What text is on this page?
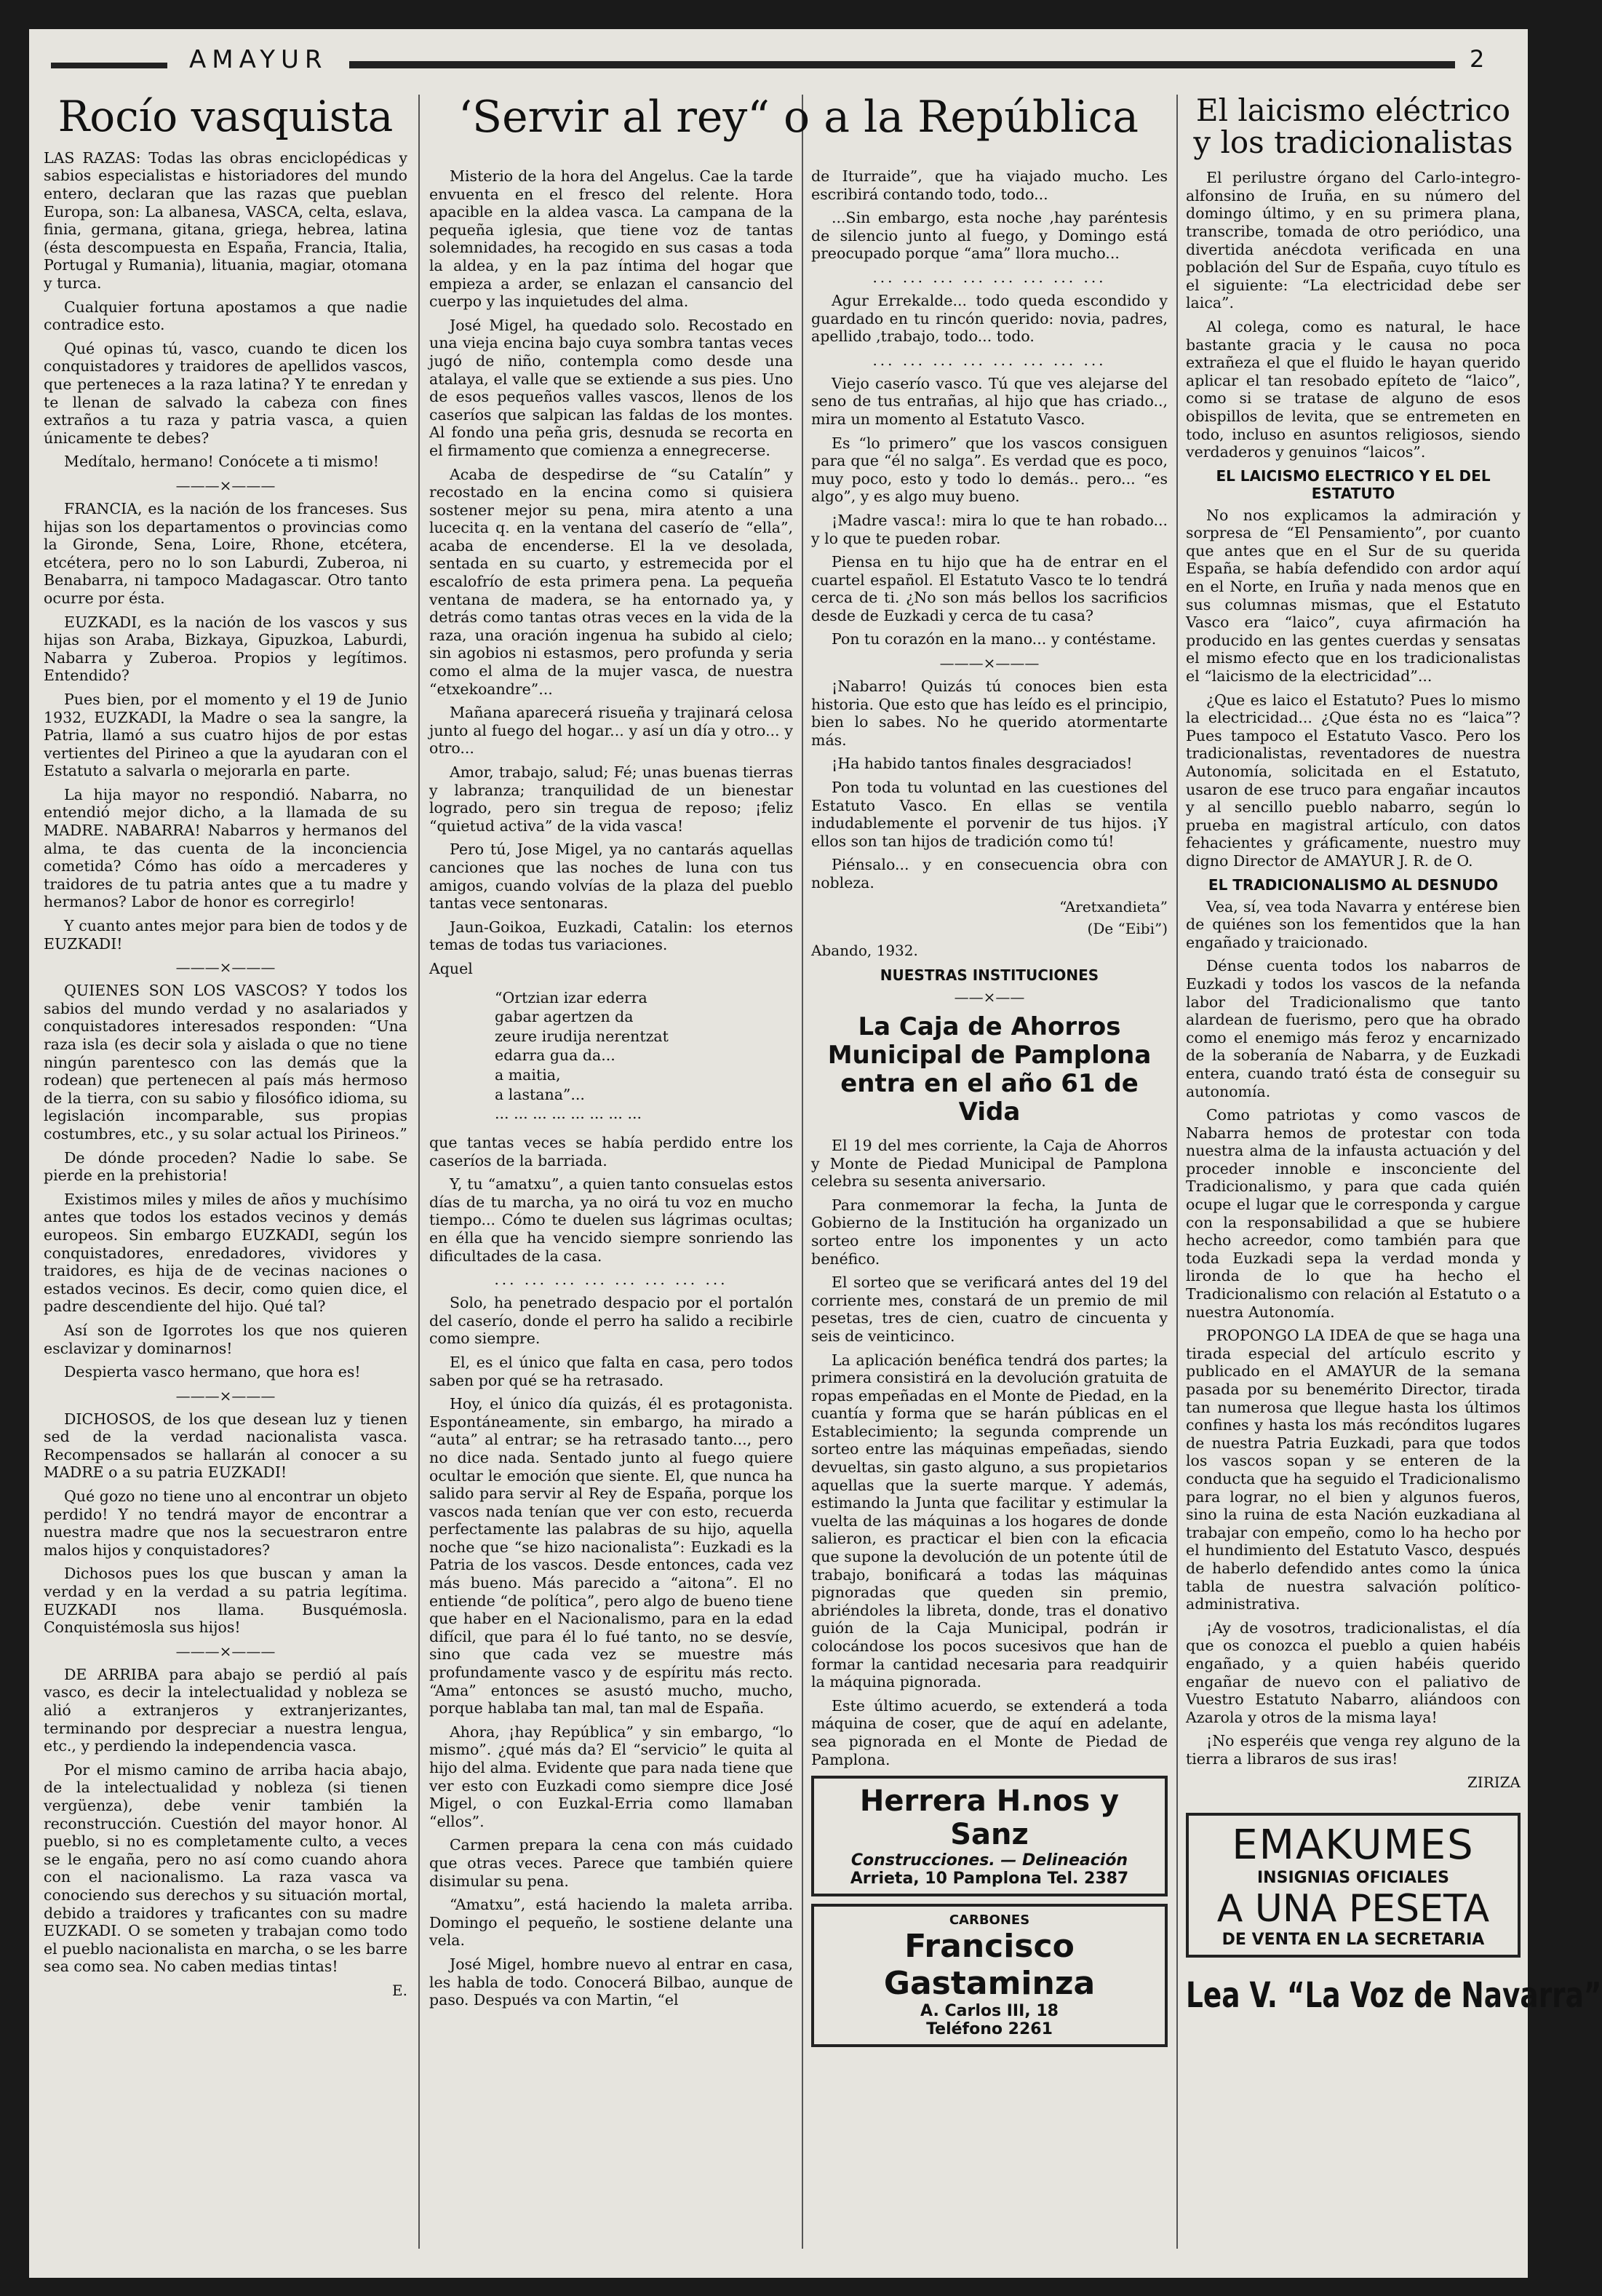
AMAYUR	2
Rocío vasquista

LAS RAZAS: Todas las obras enciclopédicas y sabios especialistas e historiadores del mundo entero, declaran que las razas que pueblan Europa, son: La albanesa, VASCA, celta, eslava, finia, germana, gitana, griega, hebrea, latina (ésta descompuesta en España, Francia, Italia, Portugal y Rumania), lituania, magiar, otomana y turca.

Cualquier fortuna apostamos a que nadie contradice esto.

Qué opinas tú, vasco, cuando te dicen los conquistadores y traidores de apellidos vascos, que perteneces a la raza latina? Y te enredan y te llenan de salvado la cabeza con fines extraños a tu raza y patria vasca, a quien únicamente te debes?

Medítalo, hermano! Conócete a ti mismo!

———×———

FRANCIA, es la nación de los franceses. Sus hijas son los departamentos o provincias como la Gironde, Sena, Loire, Rhone, etcétera, etcétera, pero no lo son Laburdi, Zuberoa, ni Benabarra, ni tampoco Madagascar. Otro tanto ocurre por ésta.

EUZKADI, es la nación de los vascos y sus hijas son Araba, Bizkaya, Gipuzkoa, Laburdi, Nabarra y Zuberoa. Propios y legítimos. Entendido?

Pues bien, por el momento y el 19 de Junio 1932, EUZKADI, la Madre o sea la sangre, la Patria, llamó a sus cuatro hijos de por estas vertientes del Pirineo a que la ayudaran con el Estatuto a salvarla o mejorarla en parte.

La hija mayor no respondió. Nabarra, no entendió mejor dicho, a la llamada de su MADRE. NABARRA! Nabarros y hermanos del alma, te das cuenta de la inconciencia cometida? Cómo has oído a mercaderes y traidores de tu patria antes que a tu madre y hermanos? Labor de honor es corregirlo!

Y cuanto antes mejor para bien de todos y de EUZKADI!

———×———

QUIENES SON LOS VASCOS? Y todos los sabios del mundo verdad y no asalariados y conquistadores interesados responden: “Una raza isla (es decir sola y aislada o que no tiene ningún parentesco con las demás que la rodean) que pertenecen al país más hermoso de la tierra, con su sabio y filosófico idioma, su legislación incomparable, sus propias costumbres, etc., y su solar actual los Pirineos.”

De dónde proceden? Nadie lo sabe. Se pierde en la prehistoria!

Existimos miles y miles de años y muchísimo antes que todos los estados vecinos y demás europeos. Sin embargo EUZKADI, según los conquistadores, enredadores, vividores y traidores, es hija de de vecinas naciones o estados vecinos. Es decir, como quien dice, el padre descendiente del hijo. Qué tal?

Así son de Igorrotes los que nos quieren esclavizar y dominarnos!

Despierta vasco hermano, que hora es!

———×———

DICHOSOS, de los que desean luz y tienen sed de la verdad nacionalista vasca. Recompensados se hallarán al conocer a su MADRE o a su patria EUZKADI!

Qué gozo no tiene uno al encontrar un objeto perdido! Y no tendrá mayor de encontrar a nuestra madre que nos la secuestraron entre malos hijos y conquistadores?

Dichosos pues los que buscan y aman la verdad y en la verdad a su patria legítima. EUZKADI nos llama. Busquémosla. Conquistémosla sus hijos!

———×———

DE ARRIBA para abajo se perdió al país vasco, es decir la intelectualidad y nobleza se alió a extranjeros y extranjerizantes, terminando por despreciar a nuestra lengua, etc., y perdiendo la independencia vasca.

Por el mismo camino de arriba hacia abajo, de la intelectualidad y nobleza (si tienen vergüenza), debe venir también la reconstrucción. Cuestión del mayor honor. Al pueblo, si no es completamente culto, a veces se le engaña, pero no así como cuando ahora con el nacionalismo. La raza vasca va conociendo sus derechos y su situación mortal, debido a traidores y traficantes con su madre EUZKADI. O se someten y trabajan como todo el pueblo nacionalista en marcha, o se les barre sea como sea. No caben medias tintas!

E.
‘Servir al rey“ o a la República

Misterio de la hora del Angelus. Cae la tarde envuenta en el fresco del relente. Hora apacible en la aldea vasca. La campana de la pequeña iglesia, que tiene voz de tantas solemnidades, ha recogido en sus casas a toda la aldea, y en la paz íntima del hogar que empieza a arder, se enlazan el cansancio del cuerpo y las inquietudes del alma.

José Migel, ha quedado solo. Recostado en una vieja encina bajo cuya sombra tantas veces jugó de niño, contempla como desde una atalaya, el valle que se extiende a sus pies. Uno de esos pequeños valles vascos, llenos de los caseríos que salpican las faldas de los montes. Al fondo una peña gris, desnuda se recorta en el firmamento que comienza a ennegrecerse.

Acaba de despedirse de “su Catalín” y recostado en la encina como si quisiera sostener mejor su pena, mira atento a una lucecita q. en la ventana del caserío de “ella”, acaba de encenderse. El la ve desolada, sentada en su cuarto, y estremecida por el escalofrío de esta primera pena. La pequeña ventana de madera, se ha entornado ya, y detrás como tantas otras veces en la vida de la raza, una oración ingenua ha subido al cielo; sin agobios ni estasmos, pero profunda y seria como el alma de la mujer vasca, de nuestra “etxekoandre”...

Mañana aparecerá risueña y trajinará celosa junto al fuego del hogar... y así un día y otro... y otro...

Amor, trabajo, salud; Fé; unas buenas tierras y labranza; tranquilidad de un bienestar logrado, pero sin tregua de reposo; ¡feliz “quietud activa” de la vida vasca!

Pero tú, Jose Migel, ya no cantarás aquellas canciones que las noches de luna con tus amigos, cuando volvías de la plaza del pueblo tantas vece sentonaras.

Jaun-Goikoa, Euzkadi, Catalin: los eternos temas de todas tus variaciones.

Aquel

“Ortzian izar ederra
gabar agertzen da
zeure irudija nerentzat
edarra gua da...
a maitia,
a lastana”...
... ... ... ... ... ... ... ...

que tantas veces se había perdido entre los caseríos de la barriada.

Y, tu “amatxu”, a quien tanto consuelas estos días de tu marcha, ya no oirá tu voz en mucho tiempo... Cómo te duelen sus lágrimas ocultas; en élla que ha vencido siempre sonriendo las dificultades de la casa.

... ... ... ... ... ... ... ...

Solo, ha penetrado despacio por el portalón del caserío, donde el perro ha salido a recibirle como siempre.

El, es el único que falta en casa, pero todos saben por qué se ha retrasado.

Hoy, el único día quizás, él es protagonista. Espontáneamente, sin embargo, ha mirado a “auta” al entrar; se ha retrasado tanto..., pero no dice nada. Sentado junto al fuego quiere ocultar le emoción que siente. El, que nunca ha salido para servir al Rey de España, porque los vascos nada tenían que ver con esto, recuerda perfectamente las palabras de su hijo, aquella noche que “se hizo nacionalista”: Euzkadi es la Patria de los vascos. Desde entonces, cada vez más bueno. Más parecido a “aitona”. El no entiende “de política”, pero algo de bueno tiene que haber en el Nacionalismo, para en la edad difícil, que para él lo fué tanto, no se desvíe, sino que cada vez se muestre más profundamente vasco y de espíritu más recto. “Ama” entonces se asustó mucho, mucho, porque hablaba tan mal, tan mal de España.

Ahora, ¡hay República” y sin embargo, “lo mismo”. ¿qué más da? El “servicio” le quita al hijo del alma. Evidente que para nada tiene que ver esto con Euzkadi como siempre dice José Migel, o con Euzkal-Erria como llamaban “ellos”.

Carmen prepara la cena con más cuidado que otras veces. Parece que también quiere disimular su pena.

“Amatxu”, está haciendo la maleta arriba. Domingo el pequeño, le sostiene delante una vela.

José Migel, hombre nuevo al entrar en casa, les habla de todo. Conocerá Bilbao, aunque de paso. Después va con Martin, “el

de Iturraide”, que ha viajado mucho. Les escribirá contando todo, todo...

...Sin embargo, esta noche ,hay paréntesis de silencio junto al fuego, y Domingo está preocupado porque “ama” llora mucho...

... ... ... ... ... ... ... ...

Agur Errekalde... todo queda escondido y guardado en tu rincón querido: novia, padres, apellido ,trabajo, todo... todo.

... ... ... ... ... ... ... ...

Viejo caserío vasco. Tú que ves alejarse del seno de tus entrañas, al hijo que has criado.., mira un momento al Estatuto Vasco.

Es “lo primero” que los vascos consiguen para que “él no salga”. Es verdad que es poco, muy poco, esto y todo lo demás.. pero... “es algo”, y es algo muy bueno.

¡Madre vasca!: mira lo que te han robado... y lo que te pueden robar.

Piensa en tu hijo que ha de entrar en el cuartel español. El Estatuto Vasco te lo tendrá cerca de ti. ¿No son más bellos los sacrificios desde de Euzkadi y cerca de tu casa?

Pon tu corazón en la mano... y contéstame.

———×———

¡Nabarro! Quizás tú conoces bien esta historia. Que esto que has leído es el principio, bien lo sabes. No he querido atormentarte más.

¡Ha habido tantos finales desgraciados!

Pon toda tu voluntad en las cuestiones del Estatuto Vasco. En ellas se ventila indudablemente el porvenir de tus hijos. ¡Y ellos son tan hijos de tradición como tú!

Piénsalo... y en consecuencia obra con nobleza.

“Aretxandieta”
(De “Eibi”)
Abando, 1932.
NUESTRAS INSTITUCIONES
——×——
La Caja de Ahorros Municipal de Pamplona entra en el año 61 de Vida

El 19 del mes corriente, la Caja de Ahorros y Monte de Piedad Municipal de Pamplona celebra su sesenta aniversario.

Para conmemorar la fecha, la Junta de Gobierno de la Institución ha organizado un sorteo entre los imponentes y un acto benéfico.

El sorteo que se verificará antes del 19 del corriente mes, constará de un premio de mil pesetas, tres de cien, cuatro de cincuenta y seis de veinticinco.

La aplicación benéfica tendrá dos partes; la primera consistirá en la devolución gratuita de ropas empeñadas en el Monte de Piedad, en la cuantía y forma que se harán públicas en el Establecimiento; la segunda comprende un sorteo entre las máquinas empeñadas, siendo devueltas, sin gasto alguno, a sus propietarios aquellas que la suerte marque. Y además, estimando la Junta que facilitar y estimular la vuelta de las máquinas a los hogares de donde salieron, es practicar el bien con la eficacia que supone la devolución de un potente útil de trabajo, bonificará a todas las máquinas pignoradas que queden sin premio, abriéndoles la libreta, donde, tras el donativo guión de la Caja Municipal, podrán ir colocándose los pocos sucesivos que han de formar la cantidad necesaria para readquirir la máquina pignorada.

Este último acuerdo, se extenderá a toda máquina de coser, que de aquí en adelante, sea pignorada en el Monte de Piedad de Pamplona.

Herrera H.nos y Sanz
Construcciones. — Delineación
Arrieta, 10 Pamplona Tel. 2387
CARBONES
Francisco Gastaminza
A. Carlos III, 18
Teléfono 2261
El laicismo eléctrico y los tradicionalistas

El perilustre órgano del Carlo-integro-alfonsino de Iruña, en su número del domingo último, y en su primera plana, transcribe, tomada de otro periódico, una divertida anécdota verificada en una población del Sur de España, cuyo título es el siguiente: “La electricidad debe ser laica”.

Al colega, como es natural, le hace bastante gracia y le causa no poca extrañeza el que el fluido le hayan querido aplicar el tan resobado epíteto de “laico”, como si se tratase de alguno de esos obispillos de levita, que se entremeten en todo, incluso en asuntos religiosos, siendo verdaderos y genuinos “laicos”.

EL LAICISMO ELECTRICO Y EL DEL ESTATUTO

No nos explicamos la admiración y sorpresa de “El Pensamiento”, por cuanto que antes que en el Sur de su querida España, se había defendido con ardor aquí en el Norte, en Iruña y nada menos que en sus columnas mismas, que el Estatuto Vasco era “laico”, cuya afirmación ha producido en las gentes cuerdas y sensatas el mismo efecto que en los tradicionalistas el “laicismo de la electricidad”...

¿Que es laico el Estatuto? Pues lo mismo la electricidad... ¿Que ésta no es “laica”? Pues tampoco el Estatuto Vasco. Pero los tradicionalistas, reventadores de nuestra Autonomía, solicitada en el Estatuto, usaron de ese truco para engañar incautos y al sencillo pueblo nabarro, según lo prueba en magistral artículo, con datos fehacientes y gráficamente, nuestro muy digno Director de AMAYUR J. R. de O.

EL TRADICIONALISMO AL DESNUDO

Vea, sí, vea toda Navarra y entérese bien de quiénes son los fementidos que la han engañado y traicionado.

Dénse cuenta todos los nabarros de Euzkadi y todos los vascos de la nefanda labor del Tradicionalismo que tanto alardean de fuerismo, pero que ha obrado como el enemigo más feroz y encarnizado de la soberanía de Nabarra, y de Euzkadi entera, cuando trató ésta de conseguir su autonomía.

Como patriotas y como vascos de Nabarra hemos de protestar con toda nuestra alma de la infausta actuación y del proceder innoble e insconciente del Tradicionalismo, y para que cada quién ocupe el lugar que le corresponda y cargue con la responsabilidad a que se hubiere hecho acreedor, como también para que toda Euzkadi sepa la verdad monda y lironda de lo que ha hecho el Tradicionalismo con relación al Estatuto o a nuestra Autonomía.

PROPONGO LA IDEA de que se haga una tirada especial del artículo escrito y publicado en el AMAYUR de la semana pasada por su benemérito Director, tirada tan numerosa que llegue hasta los últimos confines y hasta los más recónditos lugares de nuestra Patria Euzkadi, para que todos los vascos sopan y se enteren de la conducta que ha seguido el Tradicionalismo para lograr, no el bien y algunos fueros, sino la ruina de esta Nación euzkadiana al trabajar con empeño, como lo ha hecho por el hundimiento del Estatuto Vasco, después de haberlo defendido antes como la única tabla de nuestra salvación político-administrativa.

¡Ay de vosotros, tradicionalistas, el día que os conozca el pueblo a quien habéis engañado, y a quien habéis querido engañar de nuevo con el paliativo de Vuestro Estatuto Nabarro, aliándoos con Azarola y otros de la misma laya!

¡No esperéis que venga rey alguno de la tierra a libraros de sus iras!

ZIRIZA
EMAKUMES
INSIGNIAS OFICIALES
A UNA PESETA
DE VENTA EN LA SECRETARIA
Lea V. “La Voz de Navarra”
